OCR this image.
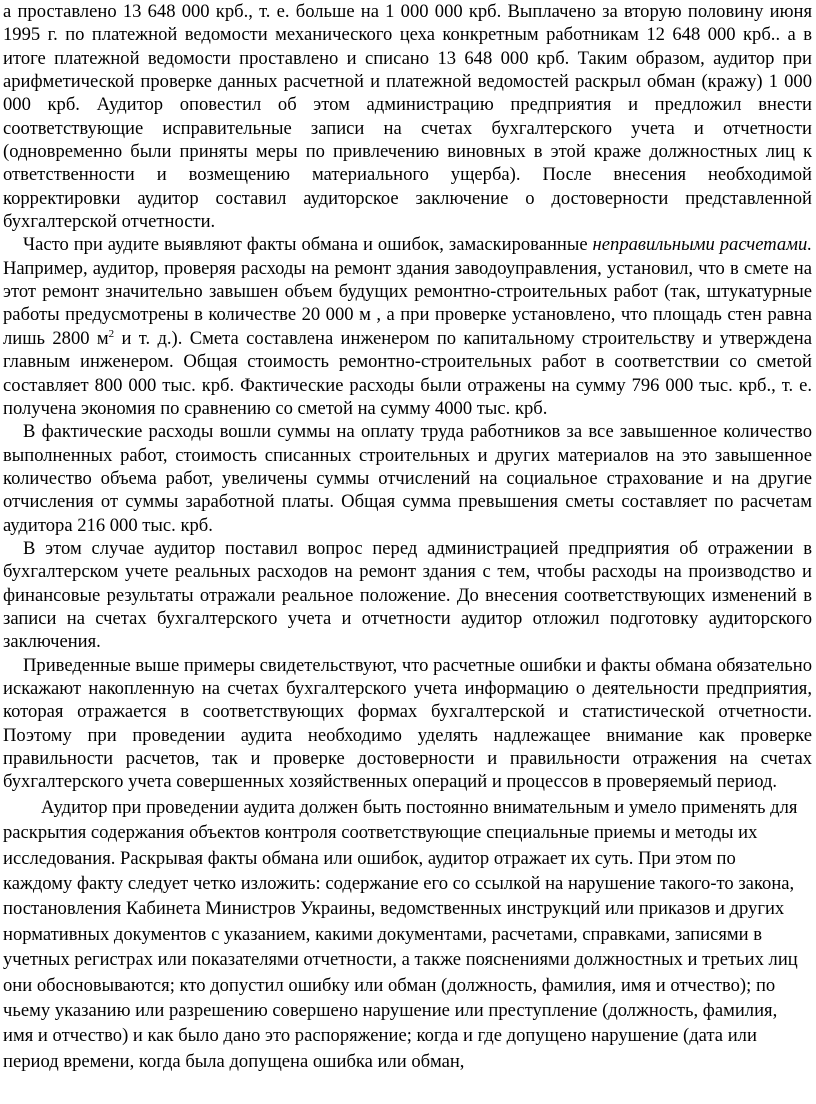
а проставлено 13 648 000 крб., т. е. больше на 1 000 000 крб. Выплачено за вторую половину июня 1995 г. по платежной ведомости механического цеха конкретным работникам 12 648 000 крб.. а в итоге платежной ведомости проставлено и списано 13 648 000 крб. Таким образом, аудитор при арифметической проверке данных расчетной и платежной ведомостей раскрыл обман (кражу) 1 000 000 крб. Аудитор оповестил об этом администрацию предприятия и предложил внести соответствующие исправительные записи на счетах бухгалтерского учета и отчетности (одновременно были приняты меры по привлечению виновных в этой краже должностных лиц к ответственности и возмещению материального ущерба). После внесения необходимой корректировки аудитор составил аудиторское заключение о достоверности представленной бухгалтерской отчетности.

Часто при аудите выявляют факты обмана и ошибок, замаскированные неправильными расчетами. Например, аудитор, проверяя расходы на ремонт здания заводоуправления, установил, что в смете на этот ремонт значительно завышен объем будущих ремонтно-строительных работ (так, штукатурные работы предусмотрены в количестве 20 000 м , а при проверке установлено, что площадь стен равна лишь 2800 $м^2$ и т. д.). Смета составлена инженером по капитальному строительству и утверждена главным инженером. Общая стоимость ремонтно-строительных работ в соответствии со сметой составляет 800 000 тыс. крб. Фактические расходы были отражены на сумму 796 000 тыс. крб., т. е. получена экономия по сравнению со сметой на сумму 4000 тыс. крб.

В фактические расходы вошли суммы на оплату труда работников за все завышенное количество выполненных работ, стоимость списанных строительных и других материалов на это завышенное количество объема работ, увеличены суммы отчислений на социальное страхование и на другие отчисления от суммы заработной платы. Общая сумма превышения сметы составляет по расчетам аудитора 216 000 тыс. крб.

В этом случае аудитор поставил вопрос перед администрацией предприятия об отражении в бухгалтерском учете реальных расходов на ремонт здания с тем, чтобы расходы на производство и финансовые результаты отражали реальное положение. До внесения соответствующих изменений в записи на счетах бухгалтерского учета и отчетности аудитор отложил подготовку аудиторского заключения.

Приведенные выше примеры свидетельствуют, что расчетные ошибки и факты обмана обязательно искажают накопленную на счетах бухгалтерского учета информацию о деятельности предприятия, которая отражается в соответствующих формах бухгалтерской и статистической отчетности. Поэтому при проведении аудита необходимо уделять надлежащее внимание как проверке правильности расчетов, так и проверке достоверности и правильности отражения на счетах бухгалтерского учета совершенных хозяйственных операций и процессов в проверяемый период.

Аудитор при проведении аудита должен быть постоянно внимательным и умело применять для раскрытия содержания объектов контроля соответствующие специальные приемы и методы их исследования. Раскрывая факты обмана или ошибок, аудитор отражает их суть. При этом по каждому факту следует четко изложить: содержание его со ссылкой на нарушение такого-то закона, постановления Кабинета Министров Украины, ведомственных инструкций или приказов и других нормативных документов с указанием, какими документами, расчетами, справками, записями в учетных регистрах или показателями отчетности, а также пояснениями должностных и третьих лиц они обосновываются; кто допустил ошибку или обман (должность, фамилия, имя и отчество); по чьему указанию или разрешению совершено нарушение или преступление (должность, фамилия, имя и отчество) и как было дано это распоряжение; когда и где допущено нарушение (дата или период времени, когда была допущена ошибка или обман,
